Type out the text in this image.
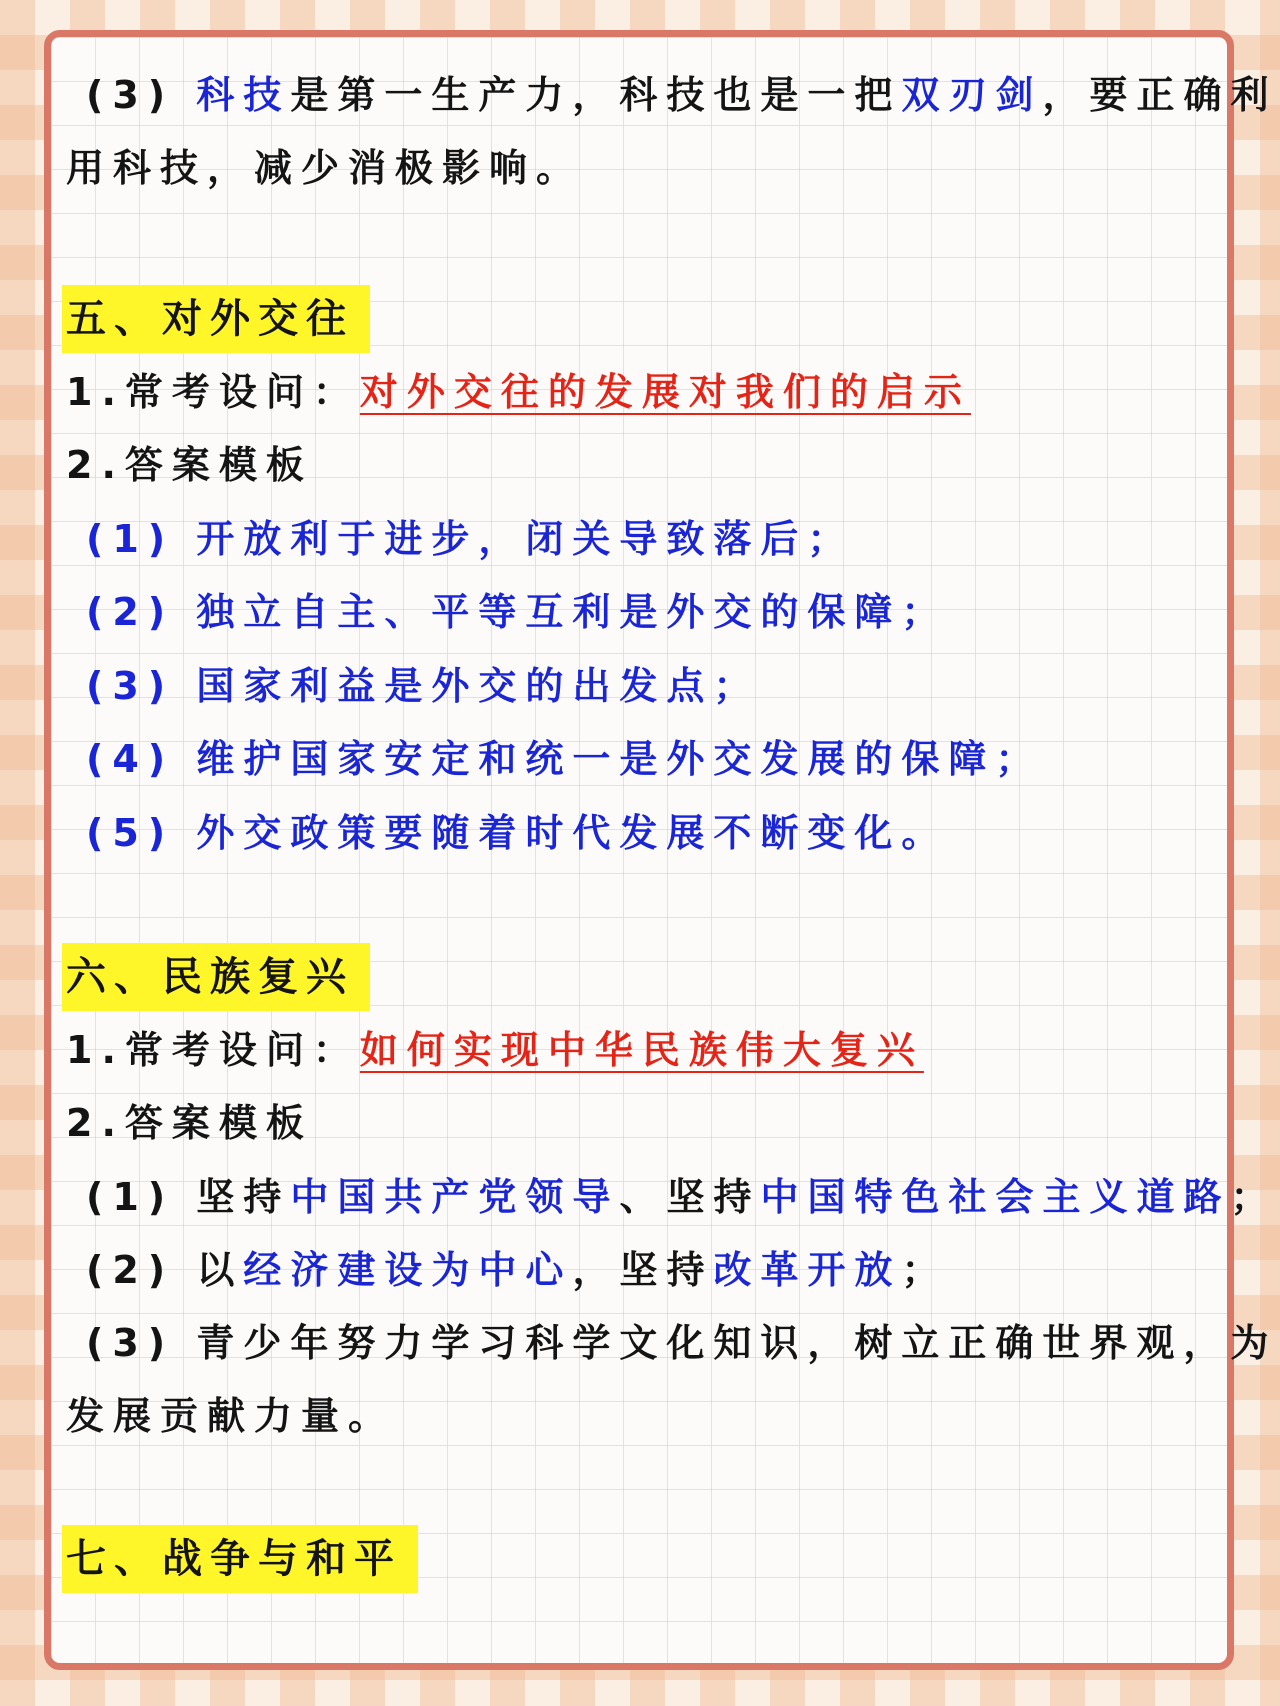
(3) 科技是第一生产力，科技也是一把双刃剑，要正确利

用科技，减少消极影响。

五、对外交往

1.常考设问：对外交往的发展对我们的启示

2.答案模板

(1) 开放利于进步，闭关导致落后；

(2) 独立自主、平等互利是外交的保障；

(3) 国家利益是外交的出发点；

(4) 维护国家安定和统一是外交发展的保障；

(5) 外交政策要随着时代发展不断变化。

六、民族复兴

1.常考设问：如何实现中华民族伟大复兴

2.答案模板

(1) 坚持中国共产党领导、坚持中国特色社会主义道路；

(2) 以经济建设为中心，坚持改革开放；

(3) 青少年努力学习科学文化知识，树立正确世界观，为

发展贡献力量。

七、战争与和平
